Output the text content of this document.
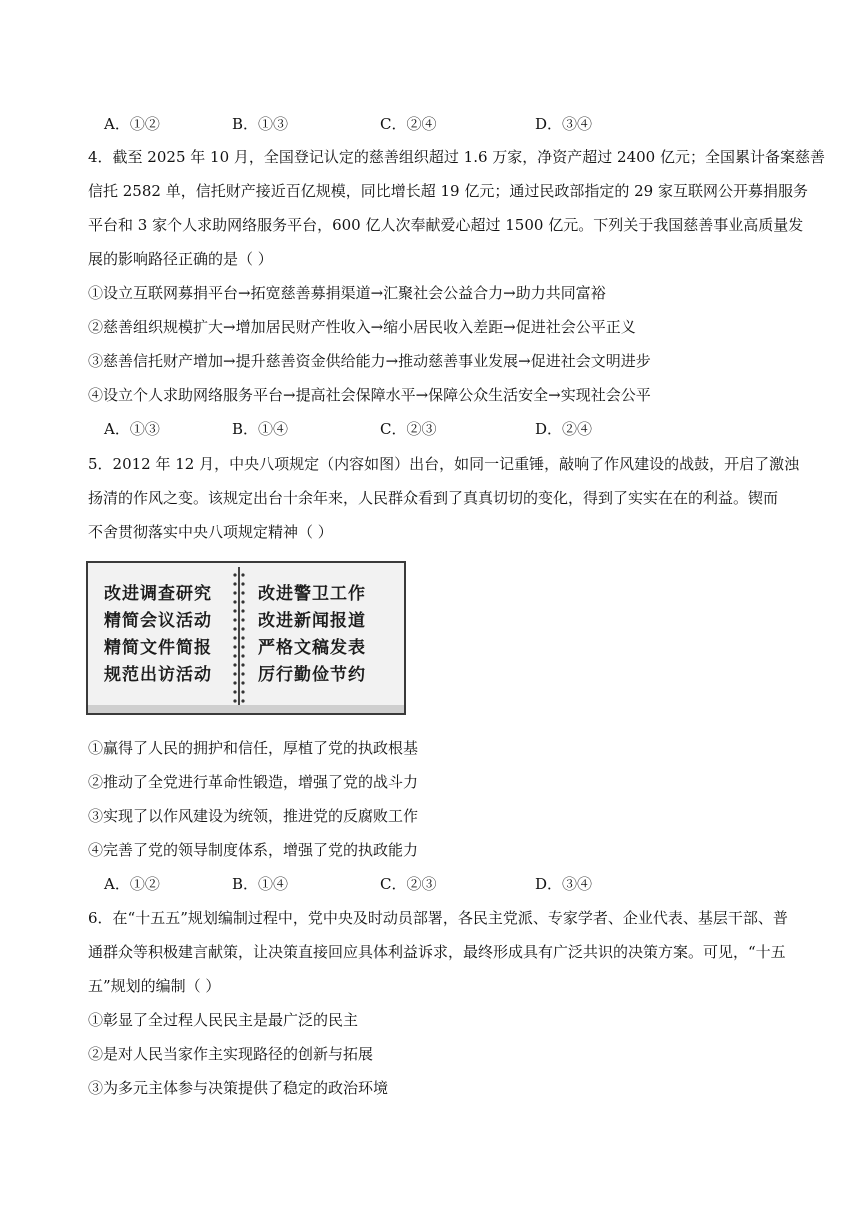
A．①②	B．①③	C．②④	D．③④
4．截至 2025 年 10 月，全国登记认定的慈善组织超过 1.6 万家，净资产超过 2400 亿元；全国累计备案慈善
信托 2582 单，信托财产接近百亿规模，同比增长超 19 亿元；通过民政部指定的 29 家互联网公开募捐服务
平台和 3 家个人求助网络服务平台，600 亿人次奉献爱心超过 1500 亿元。下列关于我国慈善事业高质量发
展的影响路径正确的是（ ）
①设立互联网募捐平台→拓宽慈善募捐渠道→汇聚社会公益合力→助力共同富裕
②慈善组织规模扩大→增加居民财产性收入→缩小居民收入差距→促进社会公平正义
③慈善信托财产增加→提升慈善资金供给能力→推动慈善事业发展→促进社会文明进步
④设立个人求助网络服务平台→提高社会保障水平→保障公众生活安全→实现社会公平
A．①③	B．①④	C．②③	D．②④
5．2012 年 12 月，中央八项规定（内容如图）出台，如同一记重锤，敲响了作风建设的战鼓，开启了激浊
扬清的作风之变。该规定出台十余年来，人民群众看到了真真切切的变化，得到了实实在在的利益。锲而
不舍贯彻落实中央八项规定精神（ ）
改进调查研究
精简会议活动
精简文件简报
规范出访活动
改进警卫工作
改进新闻报道
严格文稿发表
厉行勤俭节约
①赢得了人民的拥护和信任，厚植了党的执政根基
②推动了全党进行革命性锻造，增强了党的战斗力
③实现了以作风建设为统领，推进党的反腐败工作
④完善了党的领导制度体系，增强了党的执政能力
A．①②	B．①④	C．②③	D．③④
6．在“十五五”规划编制过程中，党中央及时动员部署，各民主党派、专家学者、企业代表、基层干部、普
通群众等积极建言献策，让决策直接回应具体利益诉求，最终形成具有广泛共识的决策方案。可见，“十五
五”规划的编制（ ）
①彰显了全过程人民民主是最广泛的民主
②是对人民当家作主实现路径的创新与拓展
③为多元主体参与决策提供了稳定的政治环境
